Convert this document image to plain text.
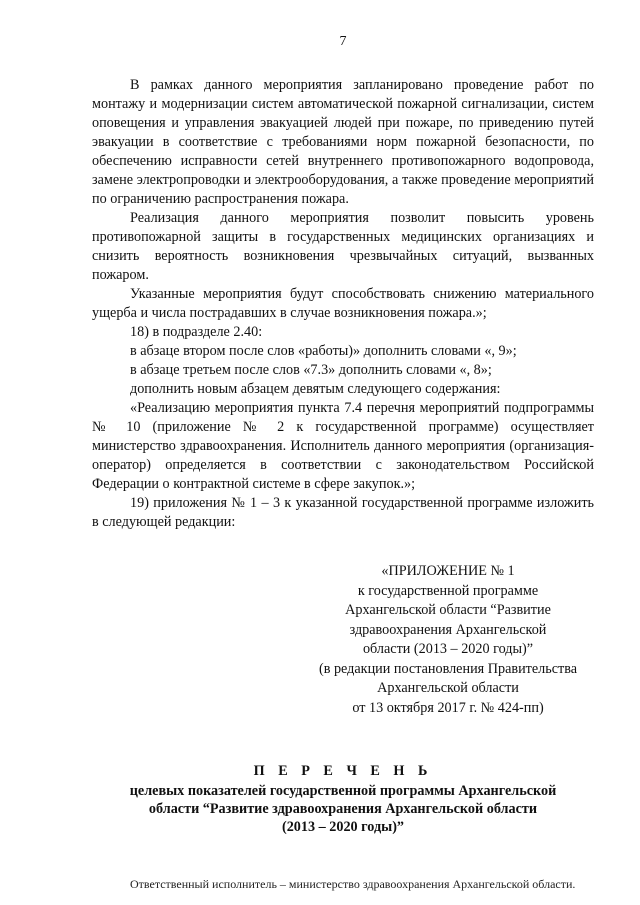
7

В рамках данного мероприятия запланировано проведение работ по монтажу и модернизации систем автоматической пожарной сигнализации, систем оповещения и управления эвакуацией людей при пожарe, по приведению путей эвакуации в соответствие с требованиями норм пожарной безопасности, по обеспечению исправности сетей внутреннего противопожарного водопровода, замене электропроводки и электрооборудования, а также проведение мероприятий по ограничению распространения пожара.

Реализация данного мероприятия позволит повысить уровень противопожарной защиты в государственных медицинских организациях и снизить вероятность возникновения чрезвычайных ситуаций, вызванных пожаром.

Указанные мероприятия будут способствовать снижению материального ущерба и числа пострадавших в случае возникновения пожара.»;

18) в подразделе 2.40:

в абзаце втором после слов «работы)» дополнить словами «, 9»;

в абзаце третьем после слов «7.3» дополнить словами «, 8»;

дополнить новым абзацем девятым следующего содержания:

«Реализацию мероприятия пункта 7.4 перечня мероприятий подпрограммы № 10 (приложение № 2 к государственной программе) осуществляет министерство здравоохранения. Исполнитель данного мероприятия (организация-оператор) определяется в соответствии с законодательством Российской Федерации о контрактной системе в сфере закупок.»;

19) приложения № 1 – 3 к указанной государственной программе изложить в следующей редакции:

«ПРИЛОЖЕНИЕ № 1
к государственной программе
Архангельской области “Развитие
здравоохранения Архангельской
области (2013 – 2020 годы)”
(в редакции постановления Правительства
Архангельской области
от 13 октября 2017 г. № 424-пп)
П Е Р Е Ч Е Н Ь
целевых показателей государственной программы Архангельской
области “Развитие здравоохранения Архангельской области
(2013 – 2020 годы)”

Ответственный исполнитель – министерство здравоохранения Архангельской области.
